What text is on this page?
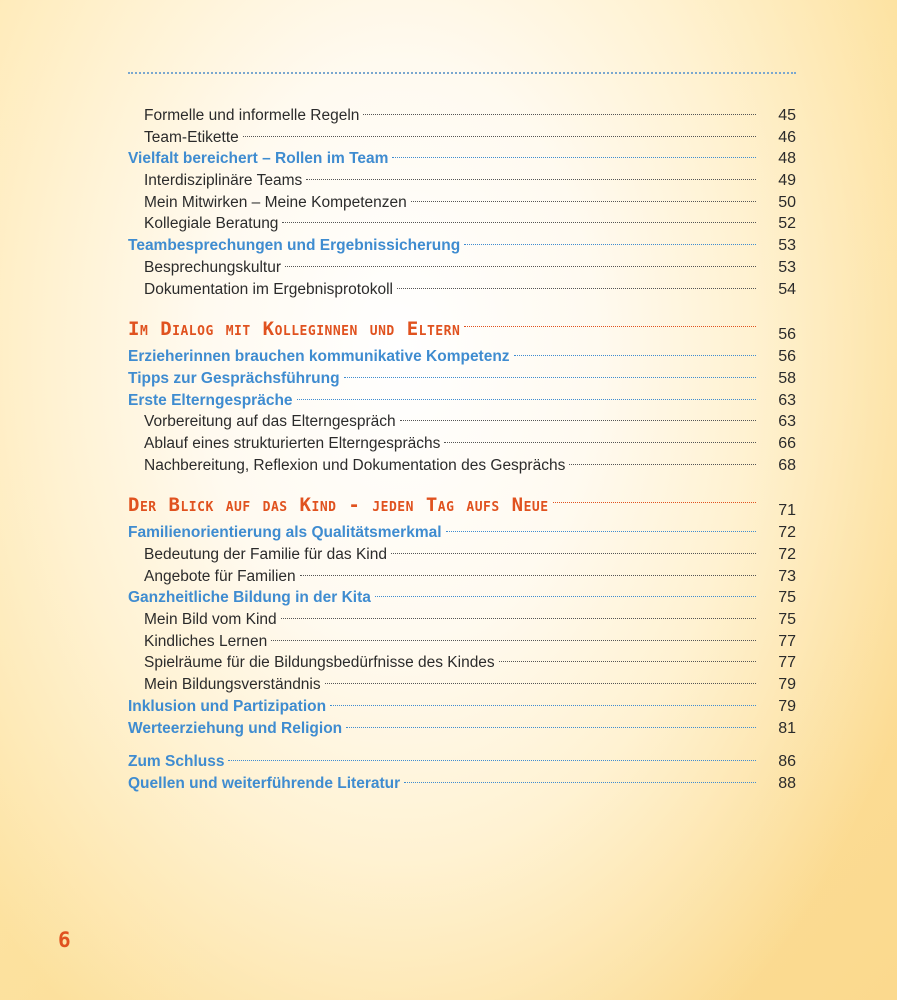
Formelle und informelle Regeln	45
Team-Etikette	46
Vielfalt bereichert – Rollen im Team	48
Interdisziplinäre Teams	49
Mein Mitwirken – Meine Kompetenzen	50
Kollegiale Beratung	52
Teambesprechungen und Ergebnissicherung	53
Besprechungskultur	53
Dokumentation im Ergebnisprotokoll	54
Im Dialog mit Kolleginnen und Eltern	56
Erzieherinnen brauchen kommunikative Kompetenz	56
Tipps zur Gesprächsführung	58
Erste Elterngespräche	63
Vorbereitung auf das Elterngespräch	63
Ablauf eines strukturierten Elterngesprächs	66
Nachbereitung, Reflexion und Dokumentation des Gesprächs	68
Der Blick auf das Kind - jeden Tag aufs Neue	71
Familienorientierung als Qualitätsmerkmal	72
Bedeutung der Familie für das Kind	72
Angebote für Familien	73
Ganzheitliche Bildung in der Kita	75
Mein Bild vom Kind	75
Kindliches Lernen	77
Spielräume für die Bildungsbedürfnisse des Kindes	77
Mein Bildungsverständnis	79
Inklusion und Partizipation	79
Werteerziehung und Religion	81
Zum Schluss	86
Quellen und weiterführende Literatur	88
6
